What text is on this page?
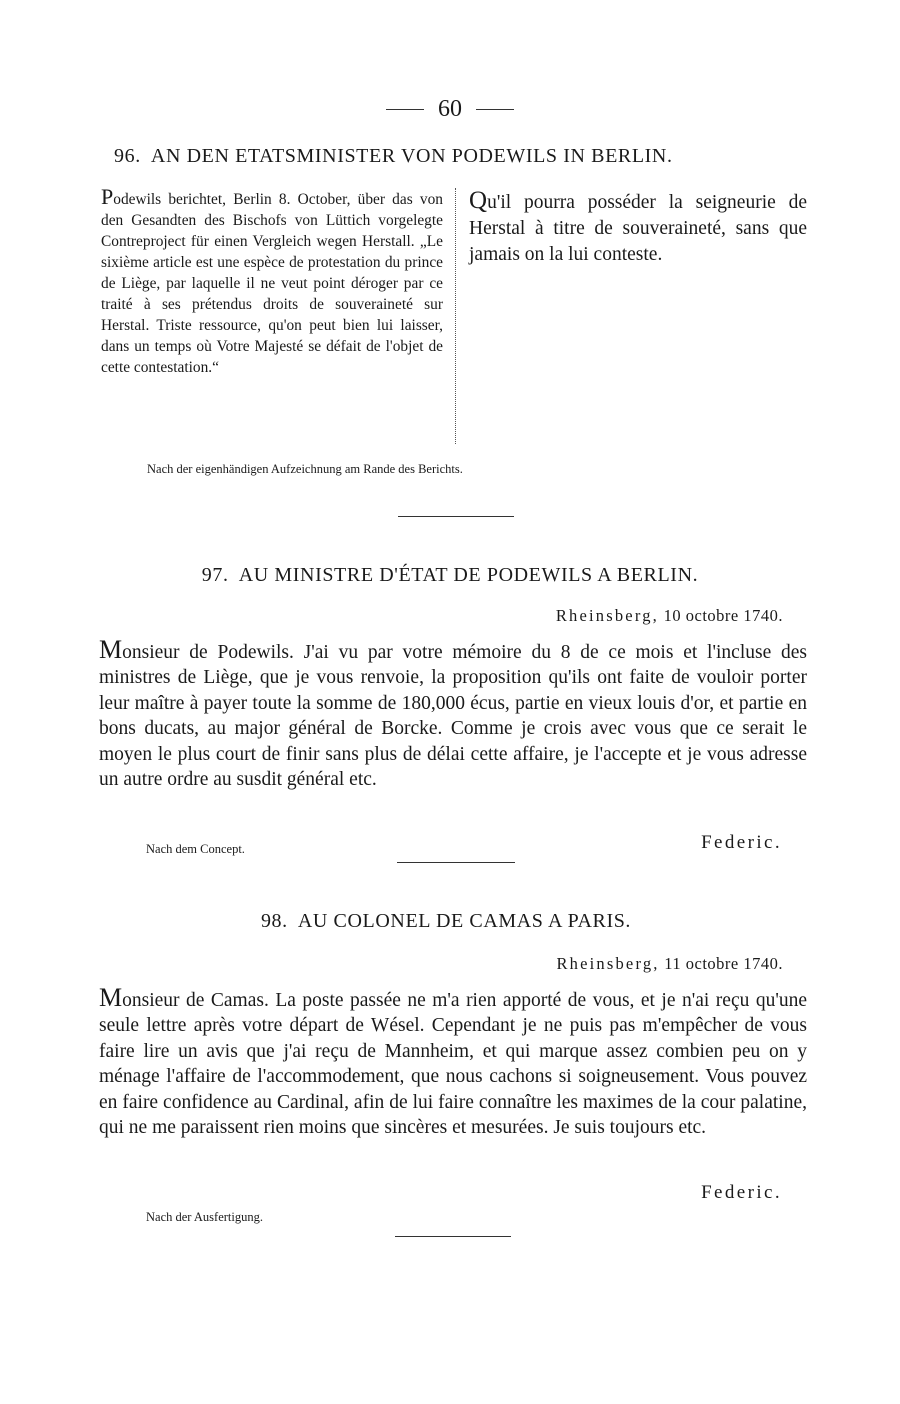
60
96. AN DEN ETATSMINISTER VON PODEWILS IN BERLIN.
Podewils berichtet, Berlin 8. October, über das von den Gesandten des Bischofs von Lüttich vorgelegte Contreproject für einen Vergleich wegen Herstall. „Le sixième article est une espèce de protestation du prince de Liège, par laquelle il ne veut point déroger par ce traité à ses prétendus droits de souveraineté sur Herstal. Triste ressource, qu'on peut bien lui laisser, dans un temps où Votre Majesté se défait de l'objet de cette contestation.“
Qu'il pourra posséder la seigneurie de Herstal à titre de souveraineté, sans que jamais on la lui conteste.
Nach der eigenhändigen Aufzeichnung am Rande des Berichts.
97. AU MINISTRE D'ÉTAT DE PODEWILS A BERLIN.
Rheinsberg, 10 octobre 1740.
Monsieur de Podewils. J'ai vu par votre mémoire du 8 de ce mois et l'incluse des ministres de Liège, que je vous renvoie, la proposition qu'ils ont faite de vouloir porter leur maître à payer toute la somme de 180,000 écus, partie en vieux louis d'or, et partie en bons ducats, au major général de Borcke. Comme je crois avec vous que ce serait le moyen le plus court de finir sans plus de délai cette affaire, je l'accepte et je vous adresse un autre ordre au susdit général etc.
Nach dem Concept.	Federic.
98. AU COLONEL DE CAMAS A PARIS.
Rheinsberg, 11 octobre 1740.
Monsieur de Camas. La poste passée ne m'a rien apporté de vous, et je n'ai reçu qu'une seule lettre après votre départ de Wésel. Cependant je ne puis pas m'empêcher de vous faire lire un avis que j'ai reçu de Mannheim, et qui marque assez combien peu on y ménage l'affaire de l'accommodement, que nous cachons si soigneusement. Vous pouvez en faire confidence au Cardinal, afin de lui faire connaître les maximes de la cour palatine, qui ne me paraissent rien moins que sincères et mesurées. Je suis toujours etc.
Federic.
Nach der Ausfertigung.
